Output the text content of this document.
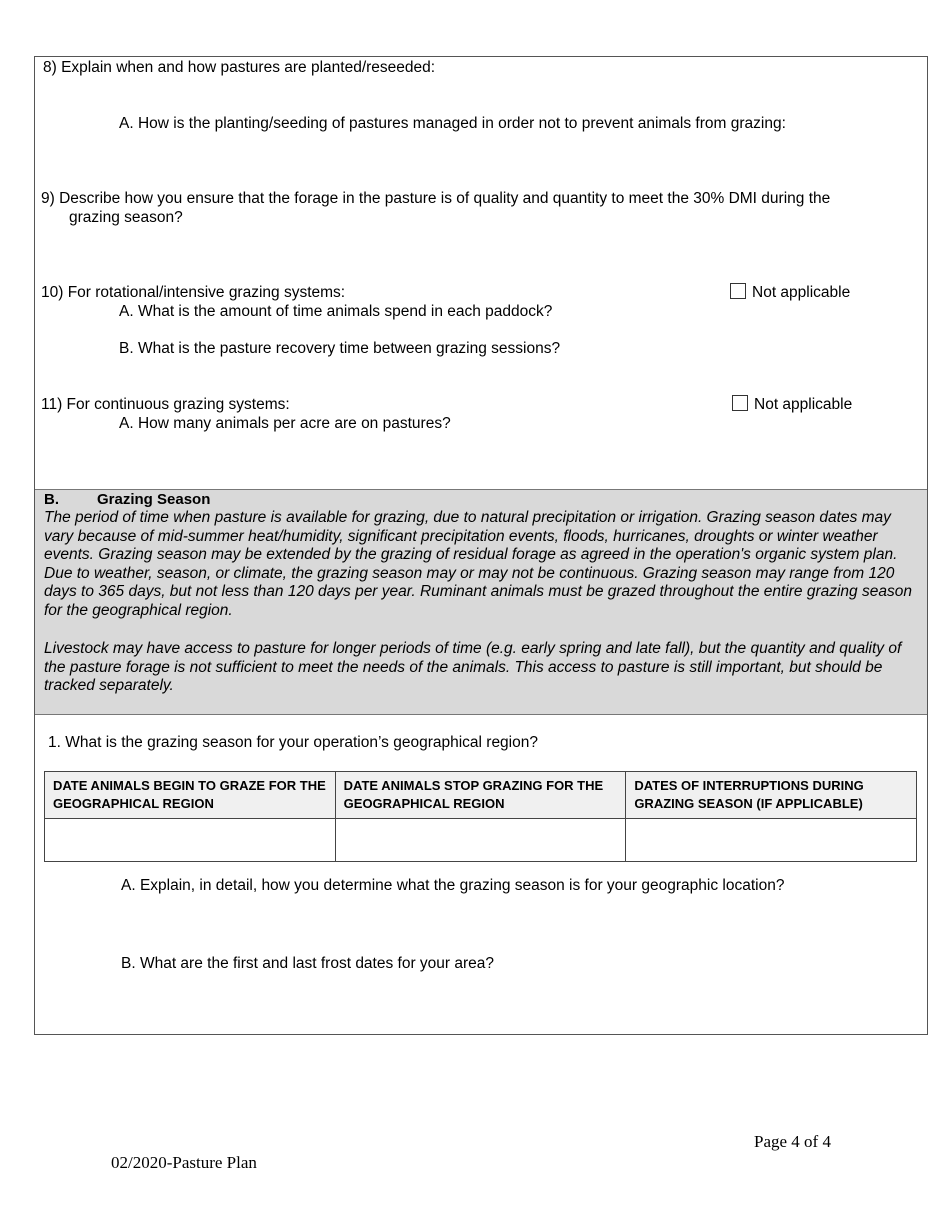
8) Explain when and how pastures are planted/reseeded:
A. How is the planting/seeding of pastures managed in order not to prevent animals from grazing:
9) Describe how you ensure that the forage in the pasture is of quality and quantity to meet the 30% DMI during the
grazing season?
10) For rotational/intensive grazing systems:	Not applicable
A. What is the amount of time animals spend in each paddock?
B. What is the pasture recovery time between grazing sessions?
11) For continuous grazing systems:	Not applicable
A. How many animals per acre are on pastures?
B.	Grazing Season

The period of time when pasture is available for grazing, due to natural precipitation or irrigation. Grazing season dates may vary because of mid-summer heat/humidity, significant precipitation events, floods, hurricanes, droughts or winter weather events. Grazing season may be extended by the grazing of residual forage as agreed in the operation's organic system plan. Due to weather, season, or climate, the grazing season may or may not be continuous. Grazing season may range from 120 days to 365 days, but not less than 120 days per year. Ruminant animals must be grazed throughout the entire grazing season for the geographical region.

Livestock may have access to pasture for longer periods of time (e.g. early spring and late fall), but the quantity and quality of the pasture forage is not sufficient to meet the needs of the animals. This access to pasture is still important, but should be tracked separately.

1. What is the grazing season for your operation’s geographical region?
DATE ANIMALS BEGIN TO GRAZE FOR THE GEOGRAPHICAL REGION	DATE ANIMALS STOP GRAZING FOR THE GEOGRAPHICAL REGION	DATES OF INTERRUPTIONS DURING GRAZING SEASON (IF APPLICABLE)

A. Explain, in detail, how you determine what the grazing season is for your geographic location?
B. What are the first and last frost dates for your area?
Page 4 of 4
02/2020-Pasture Plan
